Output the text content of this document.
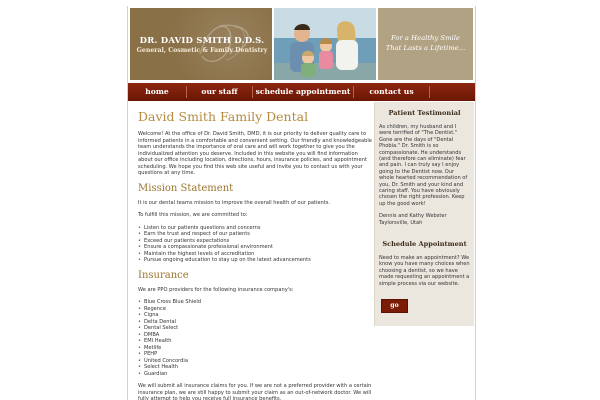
DR. DAVID SMITH D.D.S.
General, Cosmetic & Family Dentistry
For a Healthy Smile
That Lasts a Lifetime...
home	our staff	schedule appointment	contact us
David Smith Family Dental
Welcome! At the office of Dr. David Smith, DMD, it is our priority to deliver quality care to informed patients in a comfortable and convenient setting. Our friendly and knowledgeable team understands the importance of oral care and will work together to give you the individualized attention you deserve. Included in this website you will find information about our office including location, directions, hours, insurance policies, and appointment scheduling. We hope you find this web site useful and invite you to contact us with your questions at any time.
Mission Statement
It is our dental teams mission to improve the overall health of our patients.
To fulfill this mission, we are committed to:
• Listen to our patients questions and concerns
• Earn the trust and respect of our patients
• Exceed our patients expectations
• Ensure a compassionate professional environment
• Maintain the highest levels of accreditation
• Pursue ongoing education to stay up on the latest advancements
Insurance
We are PPO providers for the following insurance company's:
• Blue Cross Blue Shield
• Regence
• Cigna
• Delta Dental
• Dental Select
• DMBA
• EMI Health
• Metlife
• PEHP
• United Concordia
• Select Health
• Guardian
We will submit all insurance claims for you. If we are not a preferred provider with a certain insurance plan, we are still happy to submit your claim as an out-of-network doctor. We will fully attempt to help you receive full insurance benefits.
Patient Testimonial
As children, my husband and I were terrified of "The Dentist." Gone are the days of "Dental Phobia." Dr. Smith is so compassionate. He understands (and therefore can eliminate) fear and pain. I can truly say I enjoy going to the Dentist now. Our whole hearted recommendation of you, Dr. Smith and your kind and caring staff. You have obviously chosen the right profession. Keep up the good work!
Dennis and Kathy Webster
Taylorsville, Utah
Schedule Appointment
Need to make an appointment? We know you have many choices when choosing a dentist, so we have made requesting an appointment a simple process via our website.
go
